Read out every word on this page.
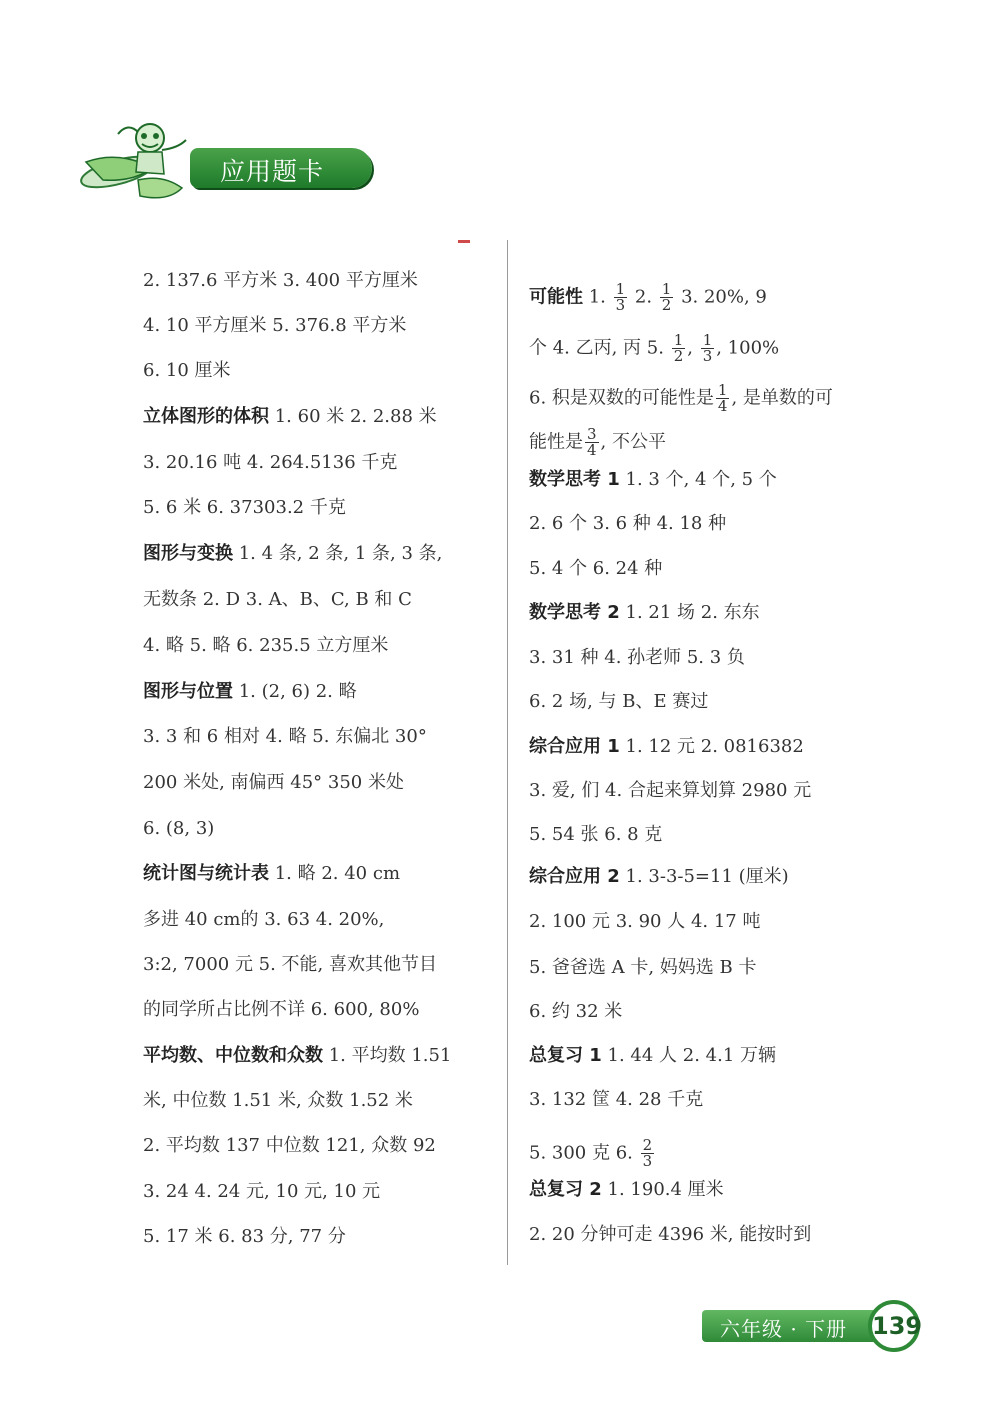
应用题卡
2. 137.6 平方米 3. 400 平方厘米
4. 10 平方厘米 5. 376.8 平方米
6. 10 厘米
立体图形的体积 1. 60 米 2. 2.88 米
3. 20.16 吨 4. 264.5136 千克
5. 6 米 6. 37303.2 千克
图形与变换 1. 4 条, 2 条, 1 条, 3 条,
无数条 2. D 3. A、B、C, B 和 C
4. 略 5. 略 6. 235.5 立方厘米
图形与位置 1. (2, 6) 2. 略
3. 3 和 6 相对 4. 略 5. 东偏北 30°
200 米处, 南偏西 45° 350 米处
6. (8, 3)
统计图与统计表 1. 略 2. 40 cm
多进 40 cm的 3. 63 4. 20%,
3:2, 7000 元 5. 不能, 喜欢其他节目
的同学所占比例不详 6. 600, 80%
平均数、中位数和众数 1. 平均数 1.51
米, 中位数 1.51 米, 众数 1.52 米
2. 平均数 137 中位数 121, 众数 92
3. 24 4. 24 元, 10 元, 10 元
5. 17 米 6. 83 分, 77 分
可能性 1. $\frac{1}{3} 2$. $\frac{1}{2} 3$. 20%, 9
个 4. 乙丙, 丙 5. $\frac{1}{2}$ , $\frac{1}{3}$ , 100%
6. 积是双数的可能性是 $\frac{1}{4}$ , 是单数的可
能性是 $\frac{3}{4}$ , 不公平
数学思考 1 1. 3 个, 4 个, 5 个
2. 6 个 3. 6 种 4. 18 种
5. 4 个 6. 24 种
数学思考 2 1. 21 场 2. 东东
3. 31 种 4. 孙老师 5. 3 负
6. 2 场, 与 B、E 赛过
综合应用 1 1. 12 元 2. 0816382
3. 爱, 们 4. 合起来算划算 2980 元
5. 54 张 6. 8 克
综合应用 2 1. 3-3-5=11 (厘米)
2. 100 元 3. 90 人 4. 17 吨
5. 爸爸选 A 卡, 妈妈选 B 卡
6. 约 32 米
总复习 1 1. 44 人 2. 4.1 万辆
3. 132 筐 4. 28 千克
5. 300 克 6. $\frac{2}{3}$
总复习 2 1. 190.4 厘米
2. 20 分钟可走 4396 米, 能按时到
六年级 · 下册 139
